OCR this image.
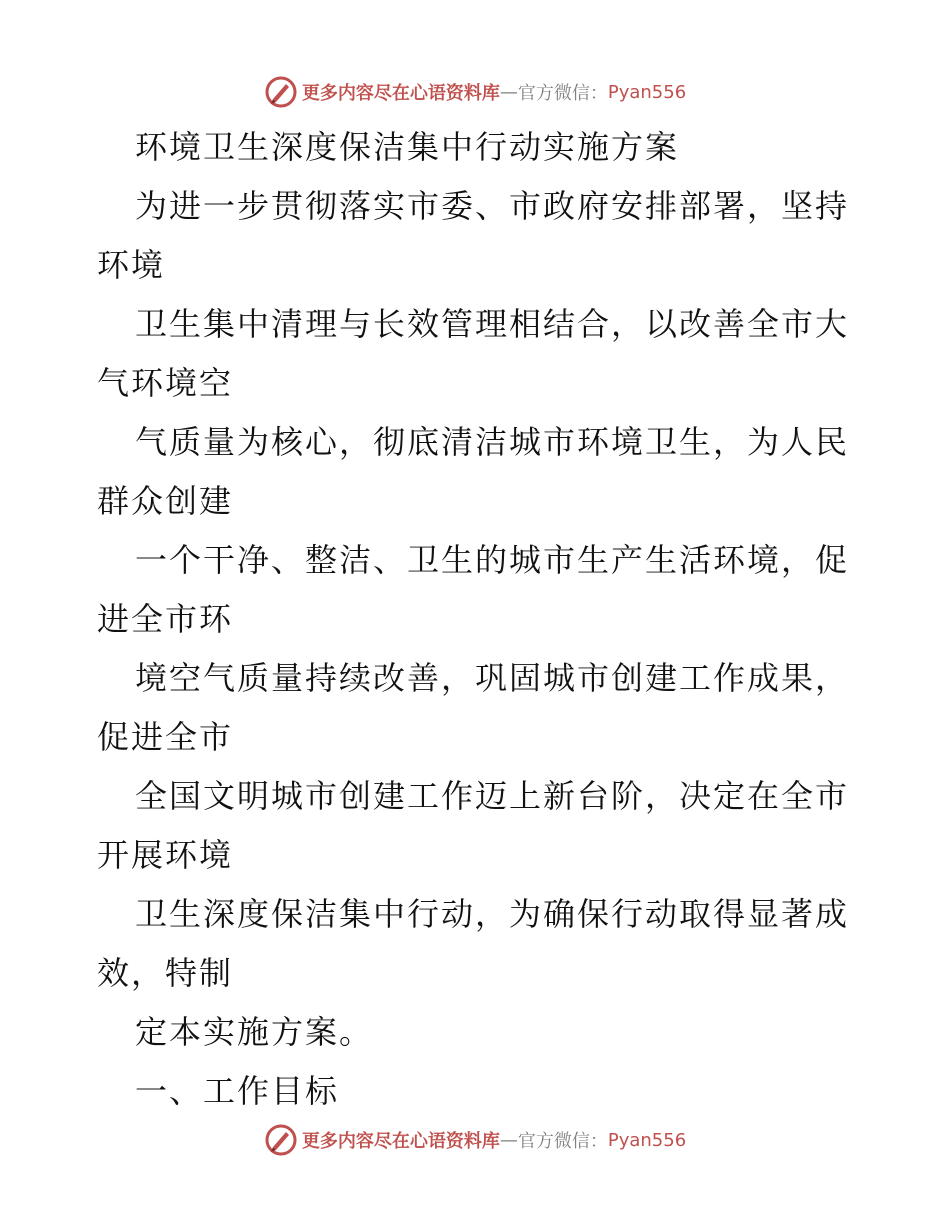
更多内容尽在心语资料库 — 官方微信： Pyan556
环境卫生深度保洁集中行动实施方案
为进一步贯彻落实市委、市政府安排部署，坚持
环境
卫生集中清理与长效管理相结合，以改善全市大
气环境空
气质量为核心，彻底清洁城市环境卫生，为人民
群众创建
一个干净、整洁、卫生的城市生产生活环境，促
进全市环
境空气质量持续改善，巩固城市创建工作成果，
促进全市
全国文明城市创建工作迈上新台阶，决定在全市
开展环境
卫生深度保洁集中行动，为确保行动取得显著成
效，特制
定本实施方案。
一、工作目标
更多内容尽在心语资料库 — 官方微信： Pyan556
